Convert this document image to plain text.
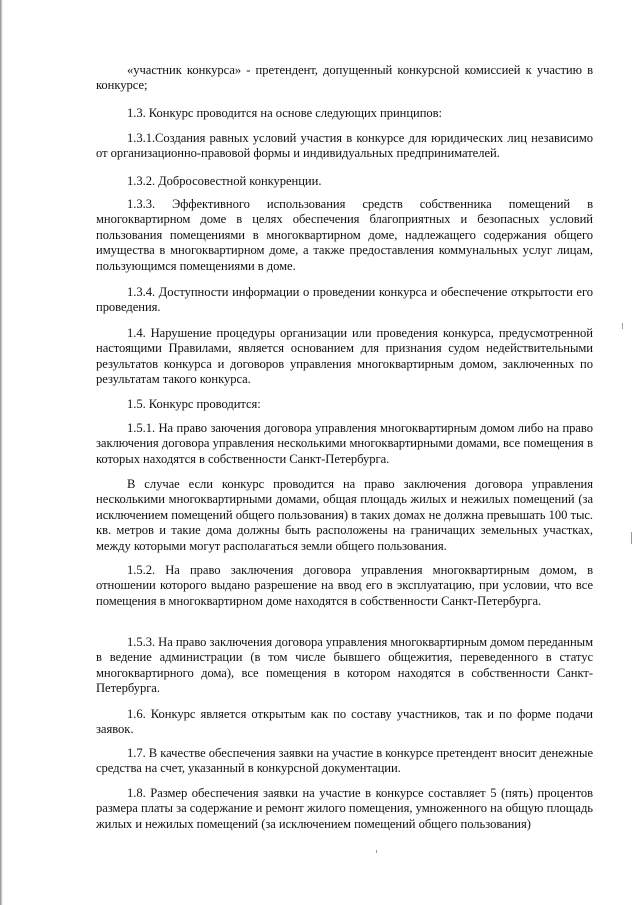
«участник конкурса» - претендент, допущенный конкурсной комиссией к участию в конкурсе;
1.3. Конкурс проводится на основе следующих принципов:
1.3.1.Создания равных условий участия в конкурсе для юридических лиц независимо от организационно-правовой формы и индивидуальных предпринимателей.
1.3.2. Добросовестной конкуренции.
1.3.3. Эффективного использования средств собственника помещений в многоквартирном доме в целях обеспечения благоприятных и безопасных условий пользования помещениями в многоквартирном доме, надлежащего содержания общего имущества в многоквартирном доме, а также предоставления коммунальных услуг лицам, пользующимся помещениями в доме.
1.3.4. Доступности информации о проведении конкурса и обеспечение открытости его проведения.
1.4. Нарушение процедуры организации или проведения конкурса, предусмотренной настоящими Правилами, является основанием для признания судом недействительными результатов конкурса и договоров управления многоквартирным домом, заключенных по результатам такого конкурса.
1.5. Конкурс проводится:
1.5.1. На право заючения договора управления многоквартирным домом либо на право заключения договора управления несколькими многоквартирными домами, все помещения в которых находятся в собственности Санкт-Петербурга.
В случае если конкурс проводится на право заключения договора управления несколькими многоквартирными домами, общая площадь жилых и нежилых помещений (за исключением помещений общего пользования) в таких домах не должна превышать 100 тыс. кв. метров и такие дома должны быть расположены на граничащих земельных участках, между которыми могут располагаться земли общего пользования.
1.5.2. На право заключения договора управления многоквартирным домом, в отношении которого выдано разрешение на ввод его в эксплуатацию, при условии, что все помещения в многоквартирном доме находятся в собственности Санкт-Петербурга.
1.5.3. На право заключения договора управления многоквартирным домом переданным в ведение администрации (в том числе бывшего общежития, переведенного в статус многоквартирного дома), все помещения в котором находятся в собственности Санкт-Петербурга.
1.6. Конкурс является открытым как по составу участников, так и по форме подачи заявок.
1.7. В качестве обеспечения заявки на участие в конкурсе претендент вносит денежные средства на счет, указанный в конкурсной документации.
1.8. Размер обеспечения заявки на участие в конкурсе составляет 5 (пять) процентов размера платы за содержание и ремонт жилого помещения, умноженного на общую площадь жилых и нежилых помещений (за исключением помещений общего пользования)
